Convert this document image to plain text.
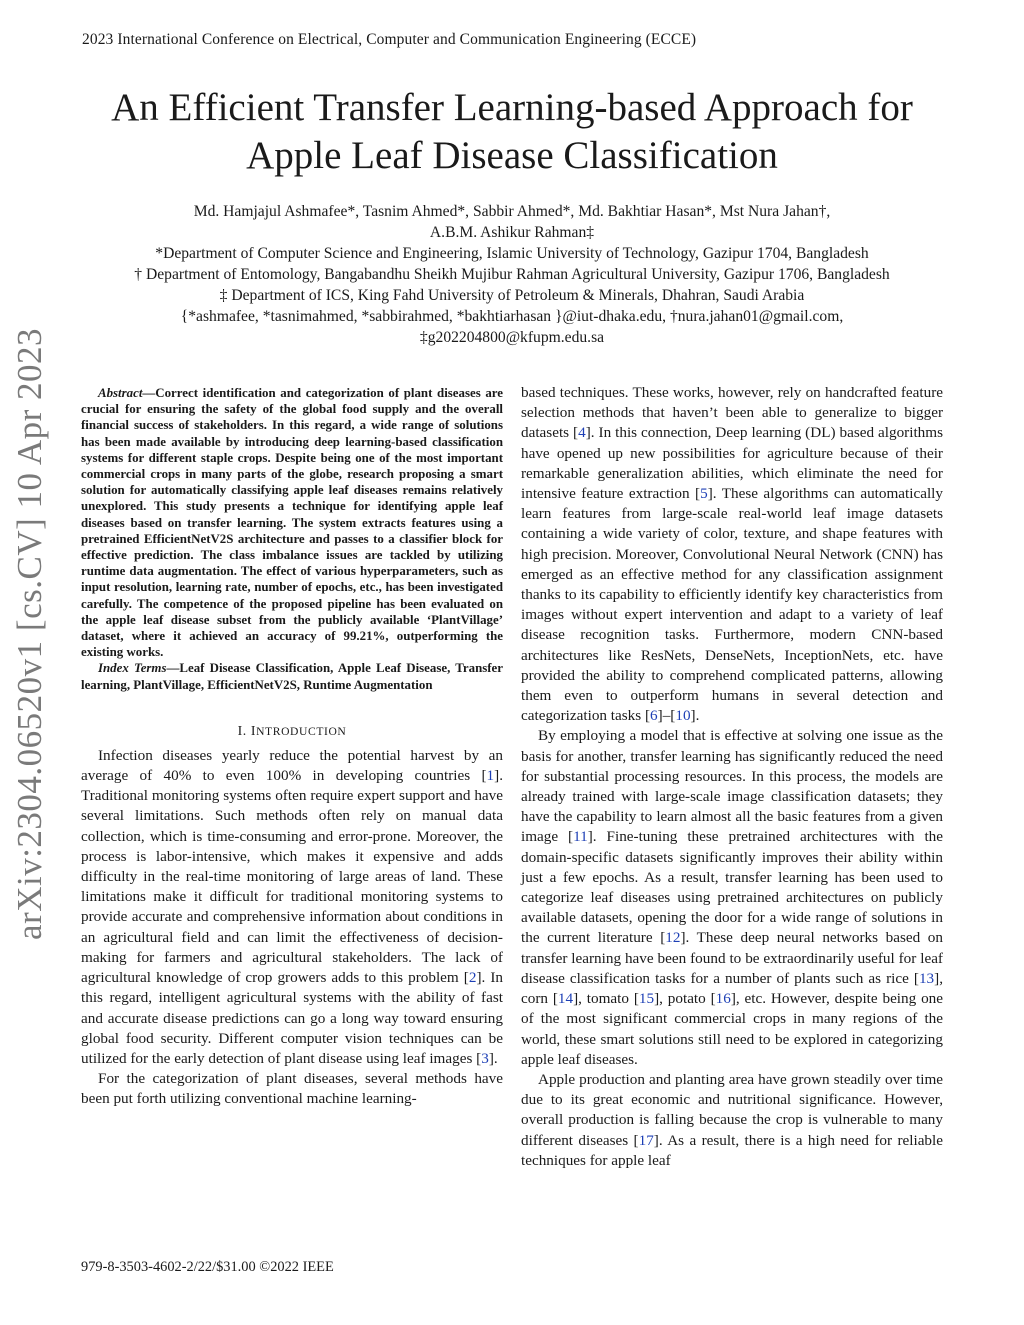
2023 International Conference on Electrical, Computer and Communication Engineering (ECCE)
An Efficient Transfer Learning-based Approach for
Apple Leaf Disease Classification
Md. Hamjajul Ashmafee*, Tasnim Ahmed*, Sabbir Ahmed*, Md. Bakhtiar Hasan*, Mst Nura Jahan†,
A.B.M. Ashikur Rahman‡
*Department of Computer Science and Engineering, Islamic University of Technology, Gazipur 1704, Bangladesh
† Department of Entomology, Bangabandhu Sheikh Mujibur Rahman Agricultural University, Gazipur 1706, Bangladesh
‡ Department of ICS, King Fahd University of Petroleum & Minerals, Dhahran, Saudi Arabia
{*ashmafee, *tasnimahmed, *sabbirahmed, *bakhtiarhasan }@iut-dhaka.edu, †nura.jahan01@gmail.com,
‡g202204800@kfupm.edu.sa
arXiv:2304.06520v1 [cs.CV] 10 Apr 2023	Abstract—Correct identification and categorization of plant diseases are crucial for ensuring the safety of the global food supply and the overall financial success of stakeholders. In this regard, a wide range of solutions has been made available by introducing deep learning-based classification systems for different staple crops. Despite being one of the most important commercial crops in many parts of the globe, research proposing a smart solution for automatically classifying apple leaf diseases remains relatively unexplored. This study presents a technique for identifying apple leaf diseases based on transfer learning. The system extracts features using a pretrained EfficientNetV2S architecture and passes to a classifier block for effective prediction. The class imbalance issues are tackled by utilizing runtime data augmentation. The effect of various hyperparameters, such as input resolution, learning rate, number of epochs, etc., has been investigated carefully. The competence of the proposed pipeline has been evaluated on the apple leaf disease subset from the publicly available ‘PlantVillage’ dataset, where it achieved an accuracy of 99.21%, outperforming the existing works.

Index Terms—Leaf Disease Classification, Apple Leaf Disease, Transfer learning, PlantVillage, EfficientNetV2S, Runtime Augmentation

I. INTRODUCTION

Infection diseases yearly reduce the potential harvest by an average of 40% to even 100% in developing countries [1]. Traditional monitoring systems often require expert support and have several limitations. Such methods often rely on manual data collection, which is time-consuming and error-prone. Moreover, the process is labor-intensive, which makes it expensive and adds difficulty in the real-time monitoring of large areas of land. These limitations make it difficult for traditional monitoring systems to provide accurate and comprehensive information about conditions in an agricultural field and can limit the effectiveness of decision-making for farmers and agricultural stakeholders. The lack of agricultural knowledge of crop growers adds to this problem [2]. In this regard, intelligent agricultural systems with the ability of fast and accurate disease predictions can go a long way toward ensuring global food security. Different computer vision techniques can be utilized for the early detection of plant disease using leaf images [3].

For the categorization of plant diseases, several methods have been put forth utilizing conventional machine learning-

based techniques. These works, however, rely on handcrafted feature selection methods that haven’t been able to generalize to bigger datasets [4]. In this connection, Deep learning (DL) based algorithms have opened up new possibilities for agriculture because of their remarkable generalization abilities, which eliminate the need for intensive feature extraction [5]. These algorithms can automatically learn features from large-scale real-world leaf image datasets containing a wide variety of color, texture, and shape features with high precision. Moreover, Convolutional Neural Network (CNN) has emerged as an effective method for any classification assignment thanks to its capability to efficiently identify key characteristics from images without expert intervention and adapt to a variety of leaf disease recognition tasks. Furthermore, modern CNN-based architectures like ResNets, DenseNets, InceptionNets, etc. have provided the ability to comprehend complicated patterns, allowing them even to outperform humans in several detection and categorization tasks [6]–[10].

By employing a model that is effective at solving one issue as the basis for another, transfer learning has significantly reduced the need for substantial processing resources. In this process, the models are already trained with large-scale image classification datasets; they have the capability to learn almost all the basic features from a given image [11]. Fine-tuning these pretrained architectures with the domain-specific datasets significantly improves their ability within just a few epochs. As a result, transfer learning has been used to categorize leaf diseases using pretrained architectures on publicly available datasets, opening the door for a wide range of solutions in the current literature [12]. These deep neural networks based on transfer learning have been found to be extraordinarily useful for leaf disease classification tasks for a number of plants such as rice [13], corn [14], tomato [15], potato [16], etc. However, despite being one of the most significant commercial crops in many regions of the world, these smart solutions still need to be explored in categorizing apple leaf diseases.

Apple production and planting area have grown steadily over time due to its great economic and nutritional significance. However, overall production is falling because the crop is vulnerable to many different diseases [17]. As a result, there is a high need for reliable techniques for apple leaf

979-8-3503-4602-2/22/$31.00 ©2022 IEEE
